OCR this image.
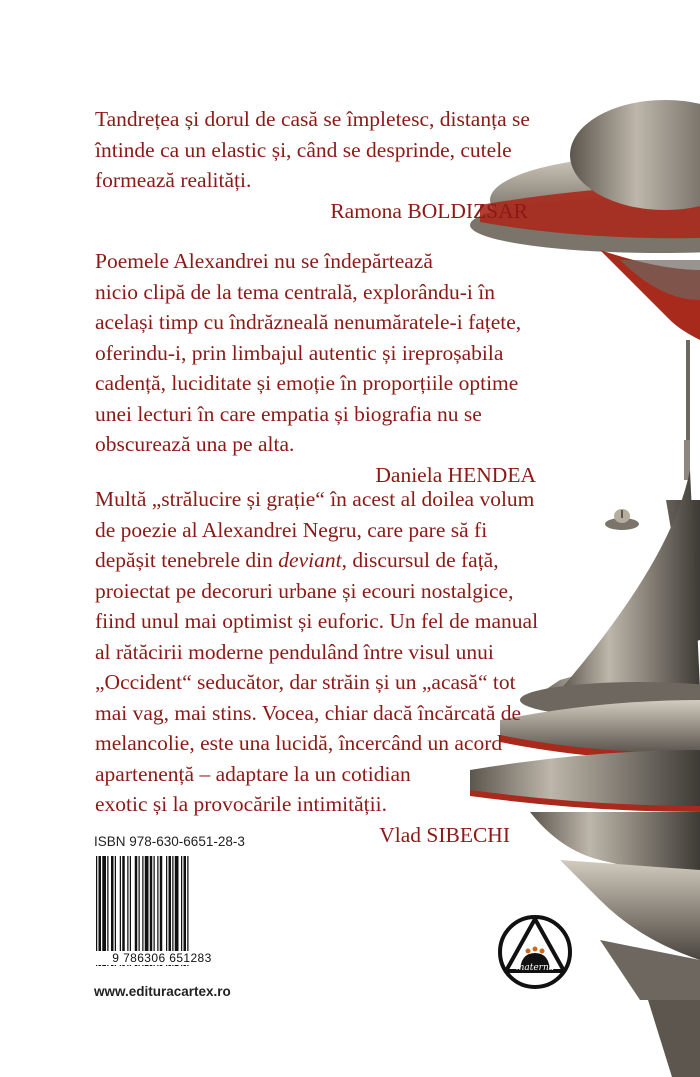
Tandrețea și dorul de casă se împletesc, distanța se

întinde ca un elastic și, când se desprinde, cutele

formează realități.

Ramona BOLDIZSAR

Poemele Alexandrei nu se îndepărtează

nicio clipă de la tema centrală, explorându-i în

același timp cu îndrăzneală nenumăratele-i fațete,

oferindu-i, prin limbajul autentic și ireproșabila

cadență, luciditate și emoție în proporțiile optime

unei lecturi în care empatia și biografia nu se

obscurează una pe alta.

Daniela HENDEA

Multă „strălucire și grație“ în acest al doilea volum

de poezie al Alexandrei Negru, care pare să fi

depășit tenebrele din deviant, discursul de față,

proiectat pe decoruri urbane și ecouri nostalgice,

fiind unul mai optimist și euforic. Un fel de manual

al rătăcirii moderne pendulând între visul unui

„Occident“ seducător, dar străin și un „acasă“ tot

mai vag, mai stins. Vocea, chiar dacă încărcată de

melancolie, este una lucidă, încercând un acord

apartenență – adaptare la un cotidian

exotic și la provocările intimității.

Vlad SIBECHI

ISBN 978-630-6651-28-3
9 786306 651283
www.edituracartex.ro
materna
